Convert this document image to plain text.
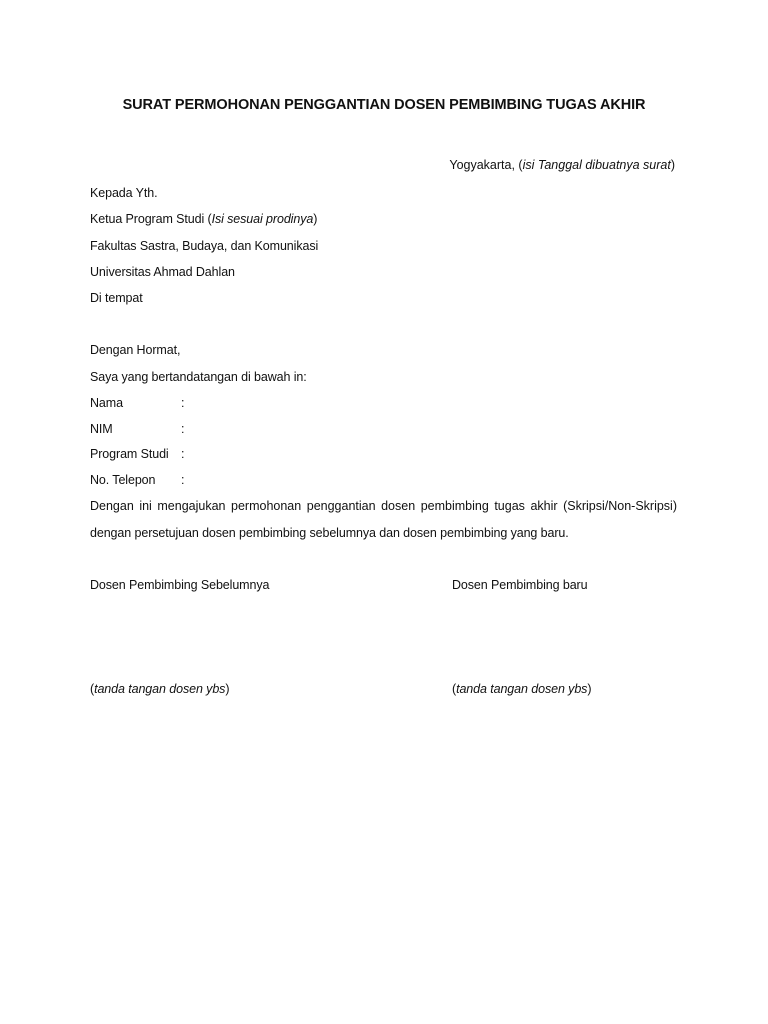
SURAT PERMOHONAN PENGGANTIAN DOSEN PEMBIMBING TUGAS AKHIR
Yogyakarta, (isi Tanggal dibuatnya surat)
Kepada Yth.
Ketua Program Studi (Isi sesuai prodinya)
Fakultas Sastra, Budaya, dan Komunikasi
Universitas Ahmad Dahlan
Di tempat
Dengan Hormat,
Saya yang bertandatangan di bawah in:
Nama	:
NIM	:
Program Studi :
No. Telepon :
Dengan ini mengajukan permohonan penggantian dosen pembimbing tugas akhir (Skripsi/Non-Skripsi)
dengan persetujuan dosen pembimbing sebelumnya dan dosen pembimbing yang baru.
Dosen Pembimbing Sebelumnya	Dosen Pembimbing baru
(tanda tangan dosen ybs)	(tanda tangan dosen ybs)
